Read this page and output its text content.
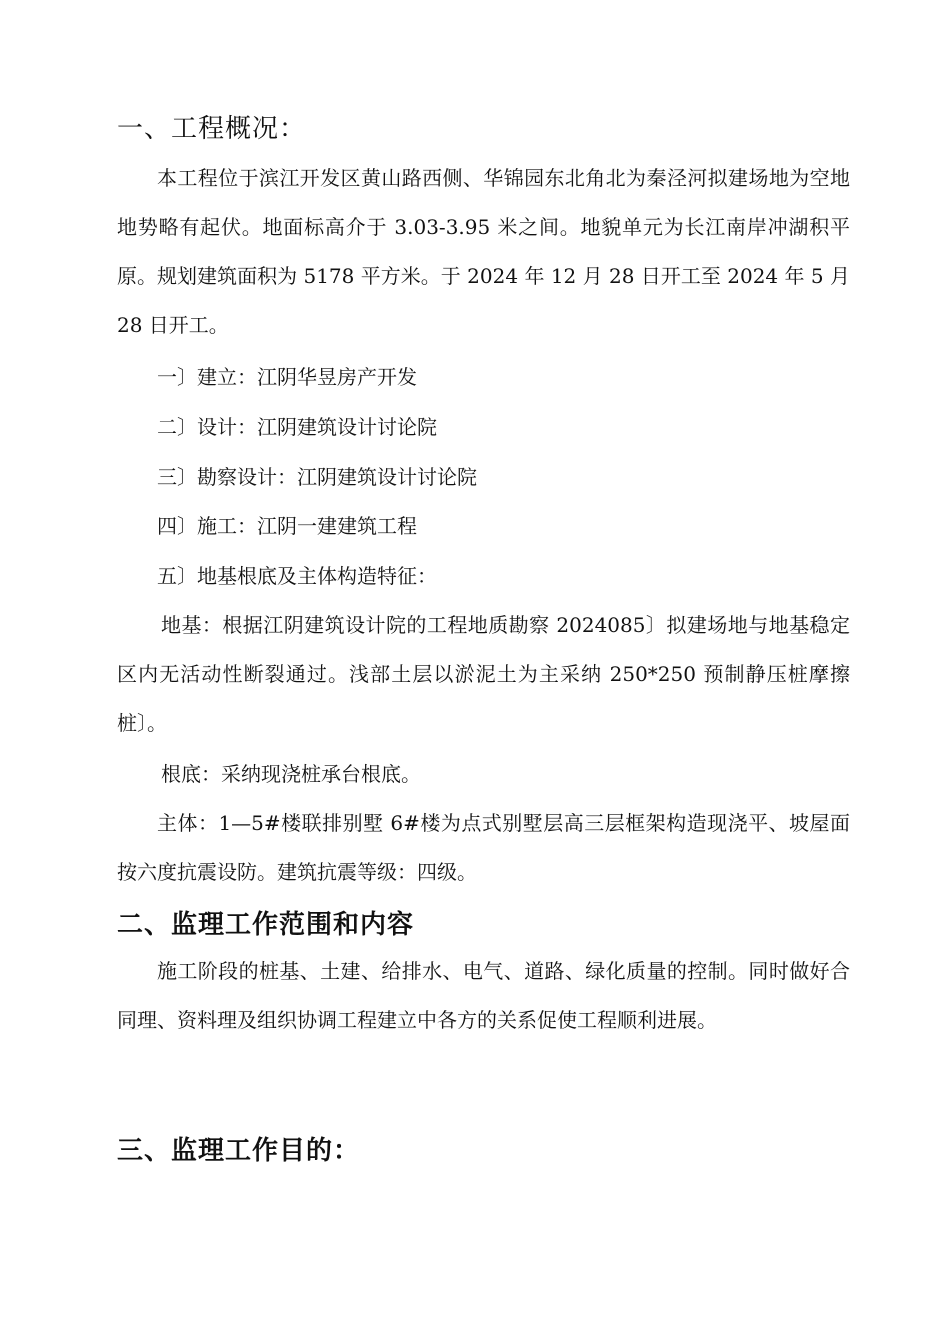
一、工程概况：

本工程位于滨江开发区黄山路西侧、华锦园东北角北为秦泾河拟建场地为空地地势略有起伏。地面标高介于 3.03-3.95 米之间。地貌单元为长江南岸冲湖积平原。规划建筑面积为 5178 平方米。于 2024 年 12 月 28 日开工至 2024 年 5 月 28 日开工。

一〕建立：江阴华昱房产开发
二〕设计：江阴建筑设计讨论院
三〕勘察设计：江阴建筑设计讨论院
四〕施工：江阴一建建筑工程
五〕地基根底及主体构造特征：

地基：根据江阴建筑设计院的工程地质勘察 2024085〕拟建场地与地基稳定区内无活动性断裂通过。浅部土层以淤泥土为主采纳 250*250 预制静压桩摩擦桩〕。

根底：采纳现浇桩承台根底。

主体：1—5#楼联排别墅 6#楼为点式别墅层高三层框架构造现浇平、坡屋面按六度抗震设防。建筑抗震等级：四级。

二、监理工作范围和内容

施工阶段的桩基、土建、给排水、电气、道路、绿化质量的控制。同时做好合同理、资料理及组织协调工程建立中各方的关系促使工程顺利进展。

三、监理工作目的：
